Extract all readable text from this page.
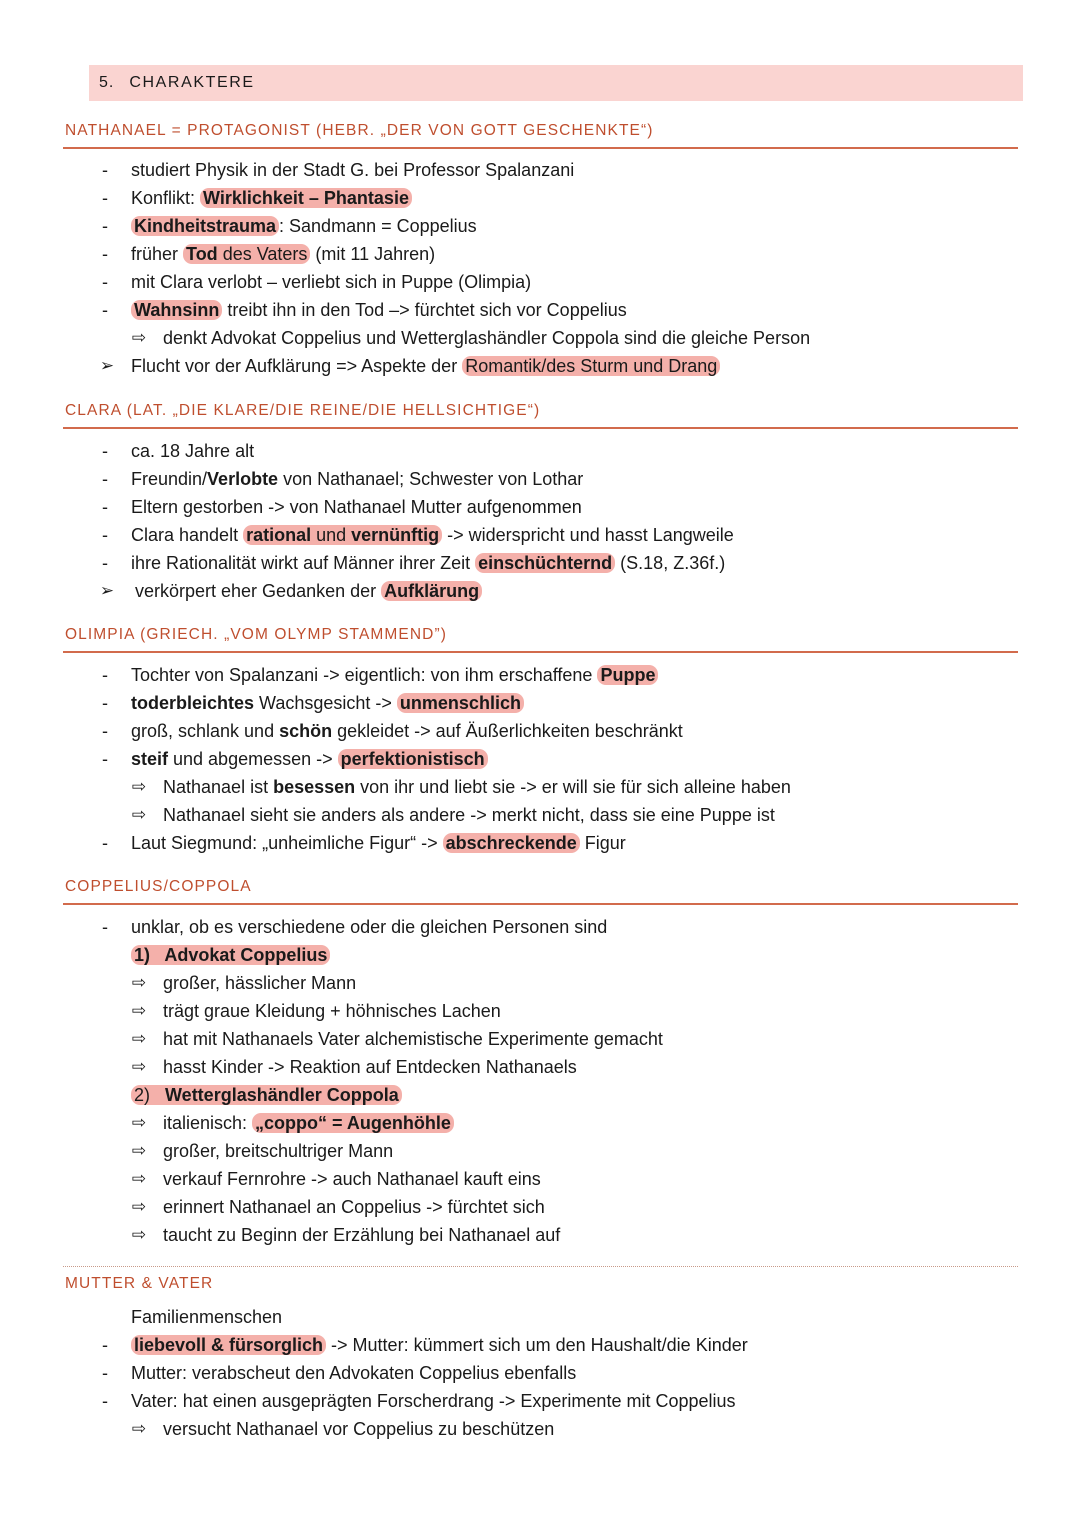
5. CHARAKTERE
NATHANAEL = PROTAGONIST (HEBR. „DER VON GOTT GESCHENKTE“)
- studiert Physik in der Stadt G. bei Professor Spalanzani
- Konflikt: Wirklichkeit – Phantasie
- Kindheitstrauma : Sandmann = Coppelius
- früher Tod des Vaters (mit 11 Jahren)
- mit Clara verlobt – verliebt sich in Puppe (Olimpia)
- Wahnsinn treibt ihn in den Tod –> fürchtet sich vor Coppelius
⇨ denkt Advokat Coppelius und Wetterglashändler Coppola sind die gleiche Person
➢ Flucht vor der Aufklärung => Aspekte der Romantik/des Sturm und Drang
CLARA (LAT. „DIE KLARE/DIE REINE/DIE HELLSICHTIGE“)
- ca. 18 Jahre alt
- Freundin/Verlobte von Nathanael; Schwester von Lothar
- Eltern gestorben -> von Nathanael Mutter aufgenommen
- Clara handelt rational und vernünftig -> widerspricht und hasst Langweile
- ihre Rationalität wirkt auf Männer ihrer Zeit einschüchternd (S.18, Z.36f.)
➢ verkörpert eher Gedanken der Aufklärung
OLIMPIA (GRIECH. „VOM OLYMP STAMMEND”)
- Tochter von Spalanzani -> eigentlich: von ihm erschaffene Puppe
- toderbleichtes Wachsgesicht -> unmenschlich
- groß, schlank und schön gekleidet -> auf Äußerlichkeiten beschränkt
- steif und abgemessen -> perfektionistisch
⇨ Nathanael ist besessen von ihr und liebt sie -> er will sie für sich alleine haben
⇨ Nathanael sieht sie anders als andere -> merkt nicht, dass sie eine Puppe ist
- Laut Siegmund: „unheimliche Figur“ -> abschreckende Figur
COPPELIUS/COPPOLA
- unklar, ob es verschiedene oder die gleichen Personen sind
1)   Advokat Coppelius
⇨ großer, hässlicher Mann
⇨ trägt graue Kleidung + höhnisches Lachen
⇨ hat mit Nathanaels Vater alchemistische Experimente gemacht
⇨ hasst Kinder -> Reaktion auf Entdecken Nathanaels
2)   Wetterglashändler Coppola
⇨ italienisch: „coppo“ = Augenhöhle
⇨ großer, breitschultriger Mann
⇨ verkauf Fernrohre -> auch Nathanael kauft eins
⇨ erinnert Nathanael an Coppelius -> fürchtet sich
⇨ taucht zu Beginn der Erzählung bei Nathanael auf
MUTTER & VATER
Familienmenschen
- liebevoll & fürsorglich -> Mutter: kümmert sich um den Haushalt/die Kinder
- Mutter: verabscheut den Advokaten Coppelius ebenfalls
- Vater: hat einen ausgeprägten Forscherdrang -> Experimente mit Coppelius
⇨ versucht Nathanael vor Coppelius zu beschützen
